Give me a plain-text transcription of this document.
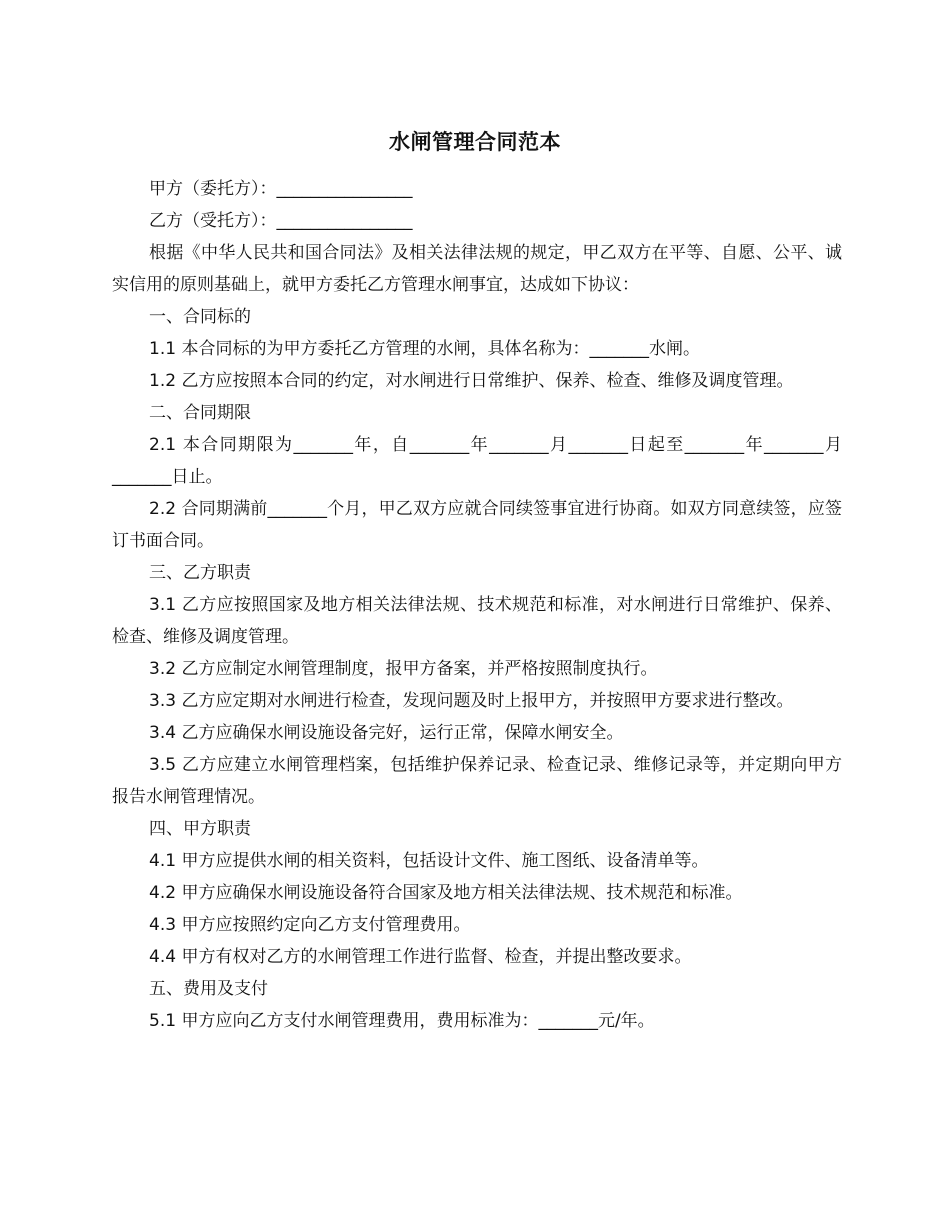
水闸管理合同范本

甲方（委托方）：________________

乙方（受托方）：________________

根据《中华人民共和国合同法》及相关法律法规的规定，甲乙双方在平等、自愿、公平、诚实信用的原则基础上，就甲方委托乙方管理水闸事宜，达成如下协议：

一、合同标的

1.1 本合同标的为甲方委托乙方管理的水闸，具体名称为：_______水闸。

1.2 乙方应按照本合同的约定，对水闸进行日常维护、保养、检查、维修及调度管理。

二、合同期限

2.1 本合同期限为_______年，自_______年_______月_______日起至_______年_______月_______日止。

2.2 合同期满前_______个月，甲乙双方应就合同续签事宜进行协商。如双方同意续签，应签订书面合同。

三、乙方职责

3.1 乙方应按照国家及地方相关法律法规、技术规范和标准，对水闸进行日常维护、保养、检查、维修及调度管理。

3.2 乙方应制定水闸管理制度，报甲方备案，并严格按照制度执行。

3.3 乙方应定期对水闸进行检查，发现问题及时上报甲方，并按照甲方要求进行整改。

3.4 乙方应确保水闸设施设备完好，运行正常，保障水闸安全。

3.5 乙方应建立水闸管理档案，包括维护保养记录、检查记录、维修记录等，并定期向甲方报告水闸管理情况。

四、甲方职责

4.1 甲方应提供水闸的相关资料，包括设计文件、施工图纸、设备清单等。

4.2 甲方应确保水闸设施设备符合国家及地方相关法律法规、技术规范和标准。

4.3 甲方应按照约定向乙方支付管理费用。

4.4 甲方有权对乙方的水闸管理工作进行监督、检查，并提出整改要求。

五、费用及支付

5.1 甲方应向乙方支付水闸管理费用，费用标准为：_______元/年。
